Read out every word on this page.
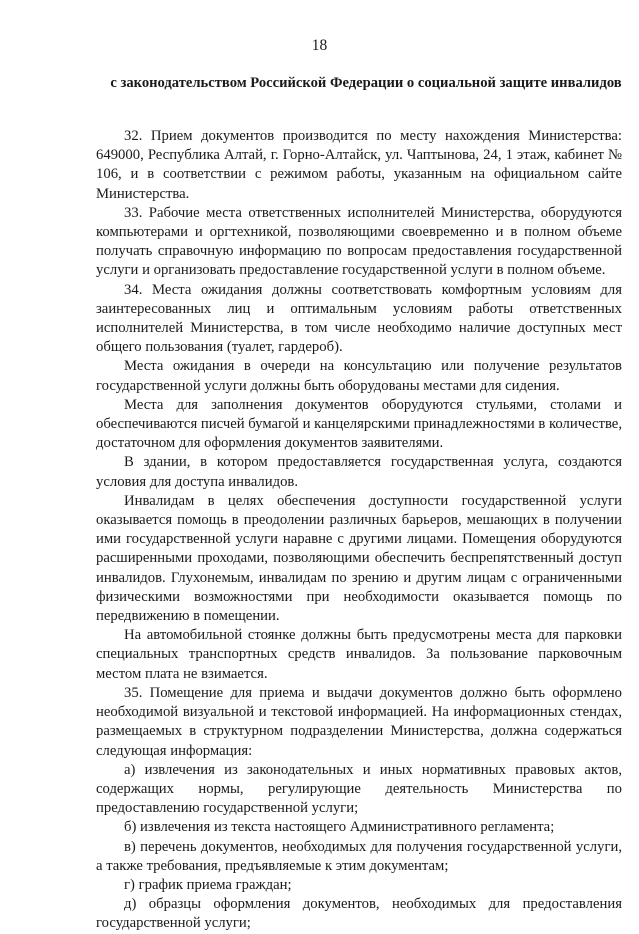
18
с законодательством Российской Федерации о социальной защите инвалидов

32. Прием документов производится по месту нахождения Министерства: 649000, Республика Алтай, г. Горно-Алтайск, ул. Чаптынова, 24, 1 этаж, кабинет № 106, и в соответствии с режимом работы, указанным на официальном сайте Министерства.

33. Рабочие места ответственных исполнителей Министерства, оборудуются компьютерами и оргтехникой, позволяющими своевременно и в полном объеме получать справочную информацию по вопросам предоставления государственной услуги и организовать предоставление государственной услуги в полном объеме.

34. Места ожидания должны соответствовать комфортным условиям для заинтересованных лиц и оптимальным условиям работы ответственных исполнителей Министерства, в том числе необходимо наличие доступных мест общего пользования (туалет, гардероб).

Места ожидания в очереди на консультацию или получение результатов государственной услуги должны быть оборудованы местами для сидения.

Места для заполнения документов оборудуются стульями, столами и обеспечиваются писчей бумагой и канцелярскими принадлежностями в количестве, достаточном для оформления документов заявителями.

В здании, в котором предоставляется государственная услуга, создаются условия для доступа инвалидов.

Инвалидам в целях обеспечения доступности государственной услуги оказывается помощь в преодолении различных барьеров, мешающих в получении ими государственной услуги наравне с другими лицами. Помещения оборудуются расширенными проходами, позволяющими обеспечить беспрепятственный доступ инвалидов. Глухонемым, инвалидам по зрению и другим лицам с ограниченными физическими возможностями при необходимости оказывается помощь по передвижению в помещении.

На автомобильной стоянке должны быть предусмотрены места для парковки специальных транспортных средств инвалидов. За пользование парковочным местом плата не взимается.

35. Помещение для приема и выдачи документов должно быть оформлено необходимой визуальной и текстовой информацией. На информационных стендах, размещаемых в структурном подразделении Министерства, должна содержаться следующая информация:

а) извлечения из законодательных и иных нормативных правовых актов, содержащих нормы, регулирующие деятельность Министерства по предоставлению государственной услуги;

б) извлечения из текста настоящего Административного регламента;

в) перечень документов, необходимых для получения государственной услуги, а также требования, предъявляемые к этим документам;

г) график приема граждан;

д) образцы оформления документов, необходимых для предоставления государственной услуги;
